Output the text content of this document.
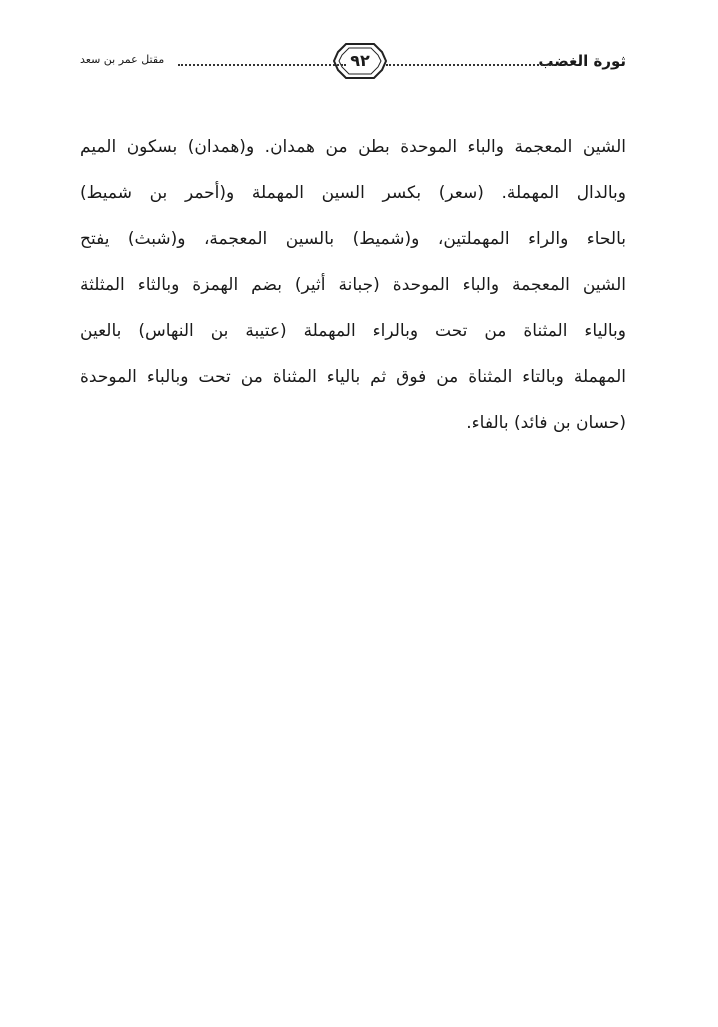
ثورة الغضب
٩٢
مقتل عمر بن سعد
الشين المعجمة والباء الموحدة بطن من همدان. و(همدان) بسكون الميم
وبالدال المهملة. (سعر) بكسر السين المهملة و(أحمر بن شميط)
بالحاء والراء المهملتين، و(شميط) بالسين المعجمة، و(شبث) يفتح
الشين المعجمة والباء الموحدة (جبانة أثير) بضم الهمزة وبالثاء المثلثة
وبالياء المثناة من تحت وبالراء المهملة (عتيبة بن النهاس) بالعين
المهملة وبالتاء المثناة من فوق ثم بالياء المثناة من تحت وبالباء الموحدة
(حسان بن فائد) بالفاء.
